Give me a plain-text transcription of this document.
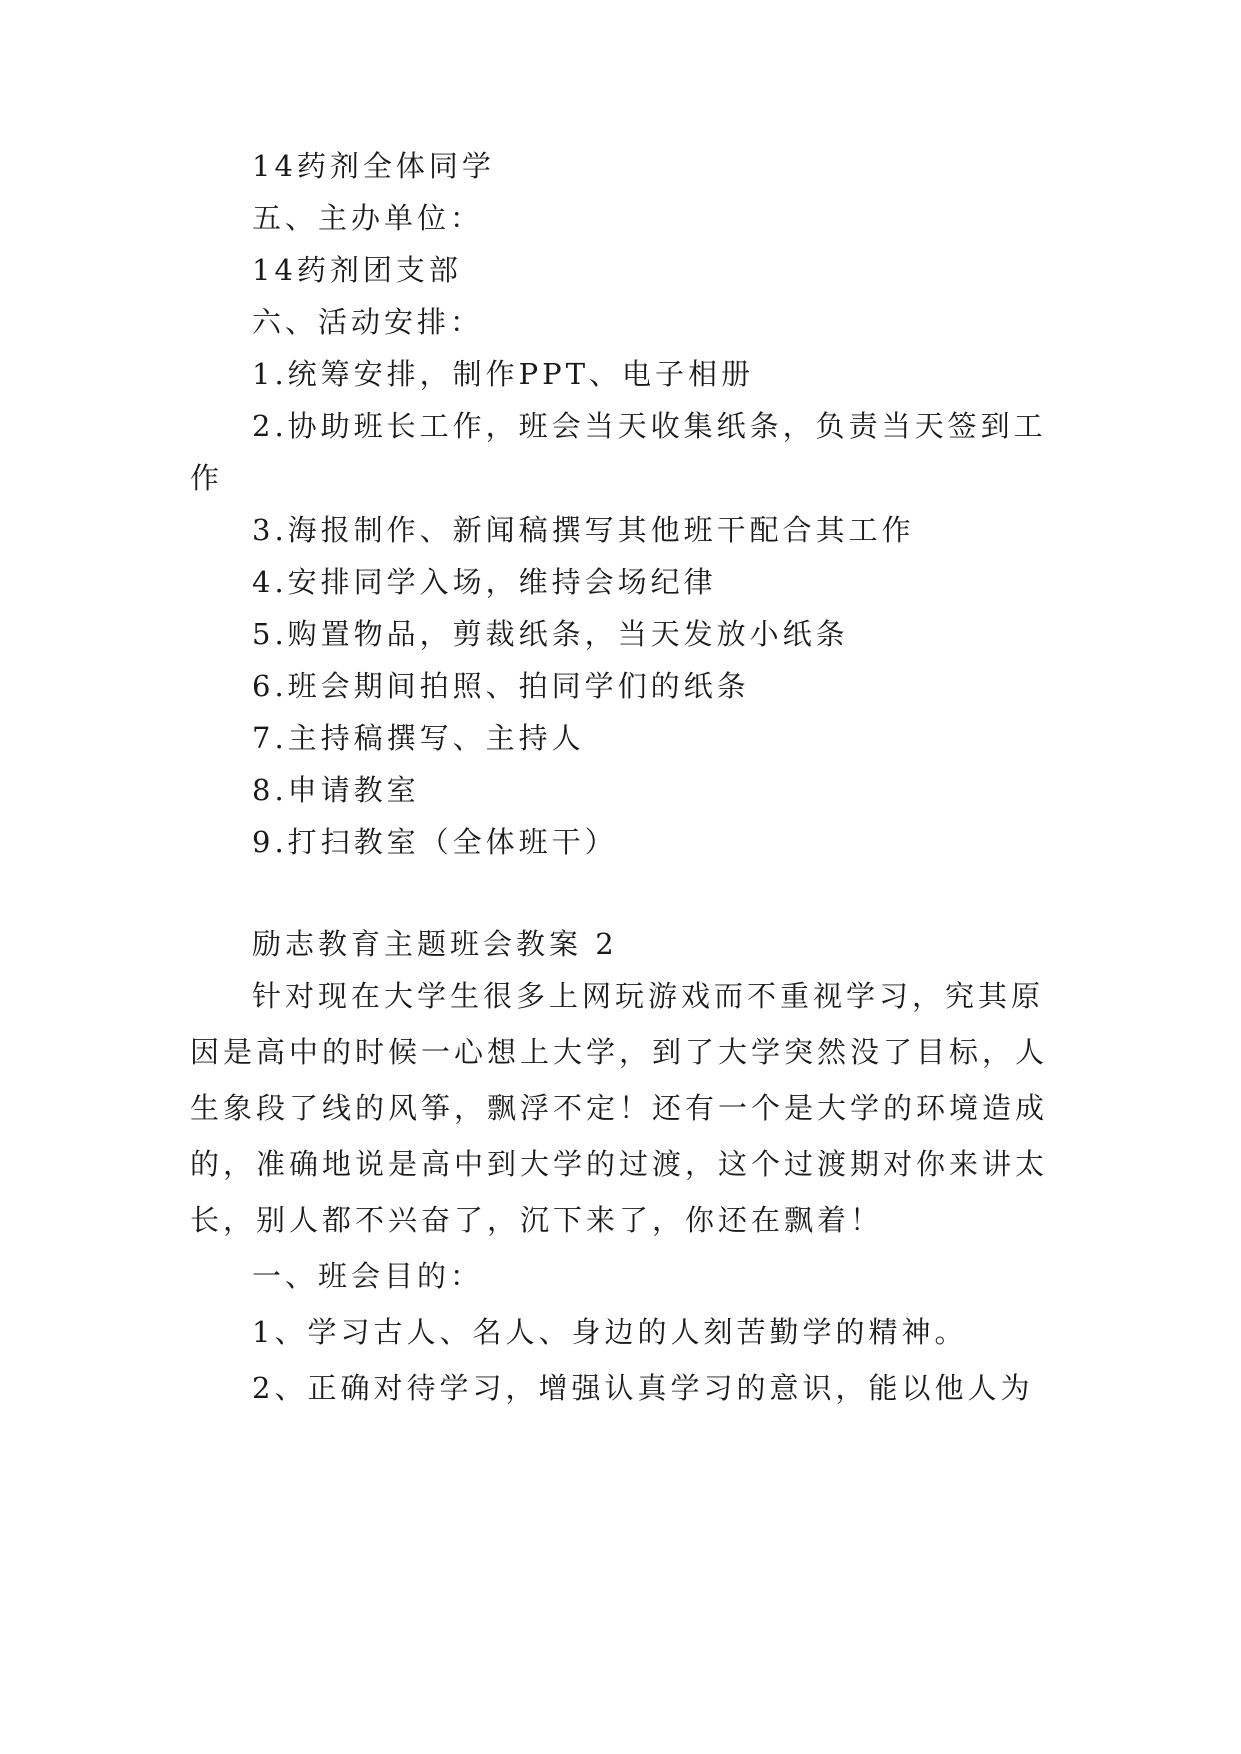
14药剂全体同学
五、主办单位：
14药剂团支部
六、活动安排：
1.统筹安排，制作PPT、电子相册
2.协助班长工作，班会当天收集纸条，负责当天签到工
作
3.海报制作、新闻稿撰写其他班干配合其工作
4.安排同学入场，维持会场纪律
5.购置物品，剪裁纸条，当天发放小纸条
6.班会期间拍照、拍同学们的纸条
7.主持稿撰写、主持人
8.申请教室
9.打扫教室（全体班干）
励志教育主题班会教案 2
针对现在大学生很多上网玩游戏而不重视学习，究其原
因是高中的时候一心想上大学，到了大学突然没了目标，人
生象段了线的风筝，飘浮不定！还有一个是大学的环境造成
的，准确地说是高中到大学的过渡，这个过渡期对你来讲太
长，别人都不兴奋了，沉下来了，你还在飘着！
一、班会目的：
1、学习古人、名人、身边的人刻苦勤学的精神。
2、正确对待学习，增强认真学习的意识，能以他人为
